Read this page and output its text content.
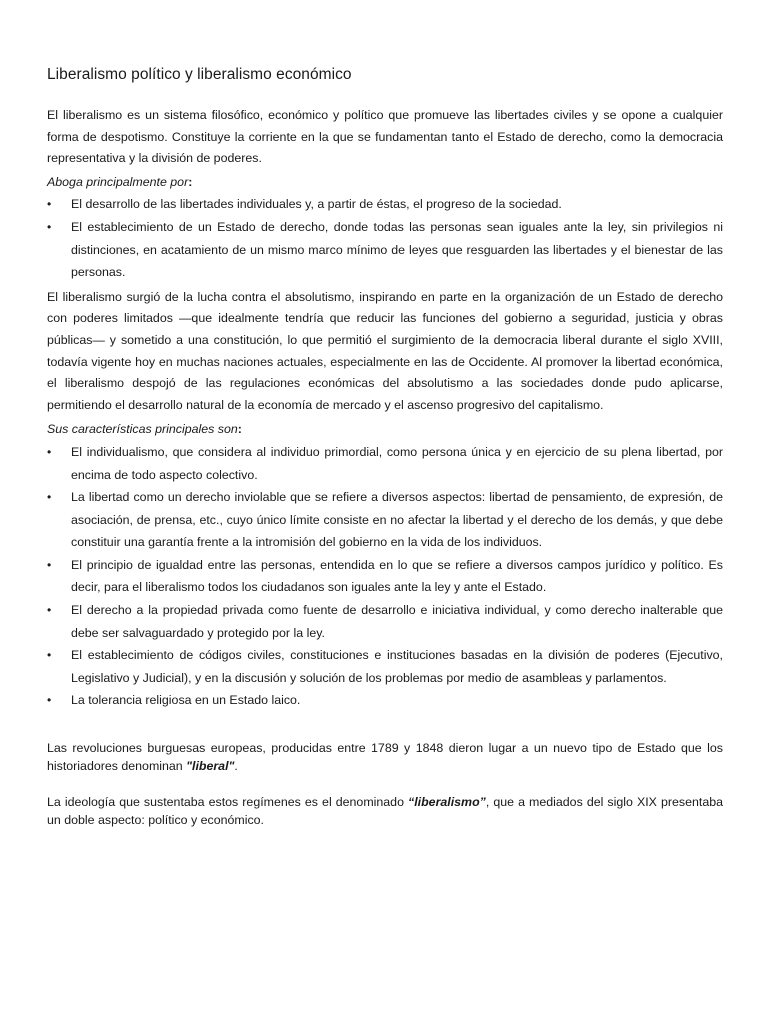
Liberalismo político y liberalismo económico

El liberalismo es un sistema filosófico, económico y político que promueve las libertades civiles y se opone a cualquier forma de despotismo. Constituye la corriente en la que se fundamentan tanto el Estado de derecho, como la democracia representativa y la división de poderes.

Aboga principalmente por:

• El desarrollo de las libertades individuales y, a partir de éstas, el progreso de la sociedad.
• El establecimiento de un Estado de derecho, donde todas las personas sean iguales ante la ley, sin privilegios ni distinciones, en acatamiento de un mismo marco mínimo de leyes que resguarden las libertades y el bienestar de las personas.

El liberalismo surgió de la lucha contra el absolutismo, inspirando en parte en la organización de un Estado de derecho con poderes limitados —que idealmente tendría que reducir las funciones del gobierno a seguridad, justicia y obras públicas— y sometido a una constitución, lo que permitió el surgimiento de la democracia liberal durante el siglo XVIII, todavía vigente hoy en muchas naciones actuales, especialmente en las de Occidente. Al promover la libertad económica, el liberalismo despojó de las regulaciones económicas del absolutismo a las sociedades donde pudo aplicarse, permitiendo el desarrollo natural de la economía de mercado y el ascenso progresivo del capitalismo.

Sus características principales son:

• El individualismo, que considera al individuo primordial, como persona única y en ejercicio de su plena libertad, por encima de todo aspecto colectivo.
• La libertad como un derecho inviolable que se refiere a diversos aspectos: libertad de pensamiento, de expresión, de asociación, de prensa, etc., cuyo único límite consiste en no afectar la libertad y el derecho de los demás, y que debe constituir una garantía frente a la intromisión del gobierno en la vida de los individuos.
• El principio de igualdad entre las personas, entendida en lo que se refiere a diversos campos jurídico y político. Es decir, para el liberalismo todos los ciudadanos son iguales ante la ley y ante el Estado.
• El derecho a la propiedad privada como fuente de desarrollo e iniciativa individual, y como derecho inalterable que debe ser salvaguardado y protegido por la ley.
• El establecimiento de códigos civiles, constituciones e instituciones basadas en la división de poderes (Ejecutivo, Legislativo y Judicial), y en la discusión y solución de los problemas por medio de asambleas y parlamentos.
• La tolerancia religiosa en un Estado laico.

Las revoluciones burguesas europeas, producidas entre 1789 y 1848 dieron lugar a un nuevo tipo de Estado que los historiadores denominan "liberal".

La ideología que sustentaba estos regímenes es el denominado “liberalismo”, que a mediados del siglo XIX presentaba un doble aspecto: político y económico.
